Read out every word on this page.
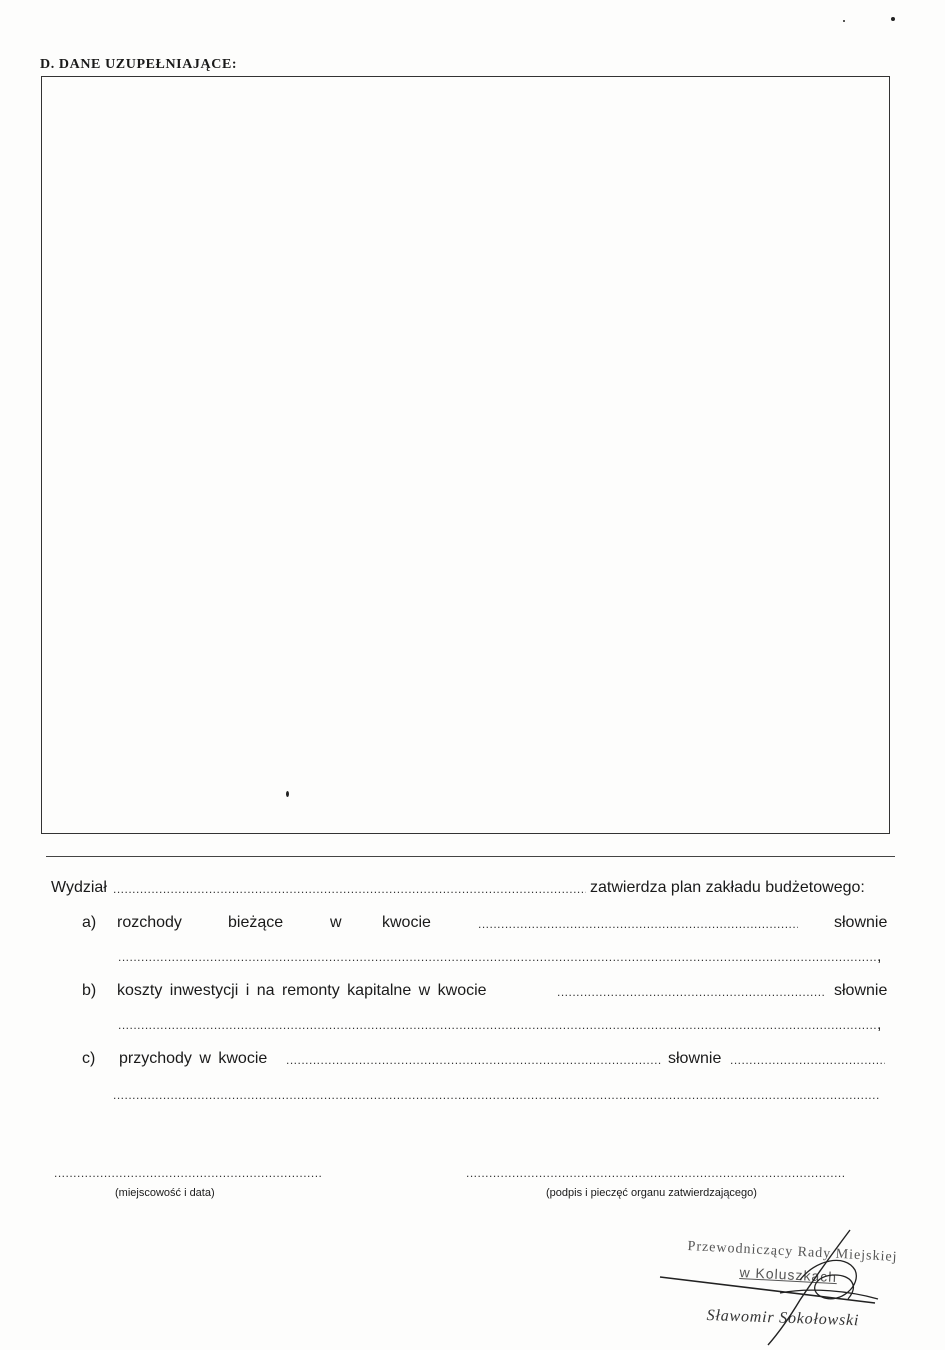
D. DANE UZUPEŁNIAJĄCE:
Wydział .....	zatwierdza plan zakładu budżetowego:
a) rozchody	bieżące	w	kwocie .....	słownie
.....
,
b) koszty inwestycji i na remonty kapitalne w kwocie .....	słownie
.....
,
c) przychody w kwocie .....	słownie
.....
.....
.....
(miejscowość i data)
.....	(podpis i pieczęć organu zatwierdzającego)
Przewodniczący Rady Miejskiej
w Koluszkach
Sławomir Sokołowski
